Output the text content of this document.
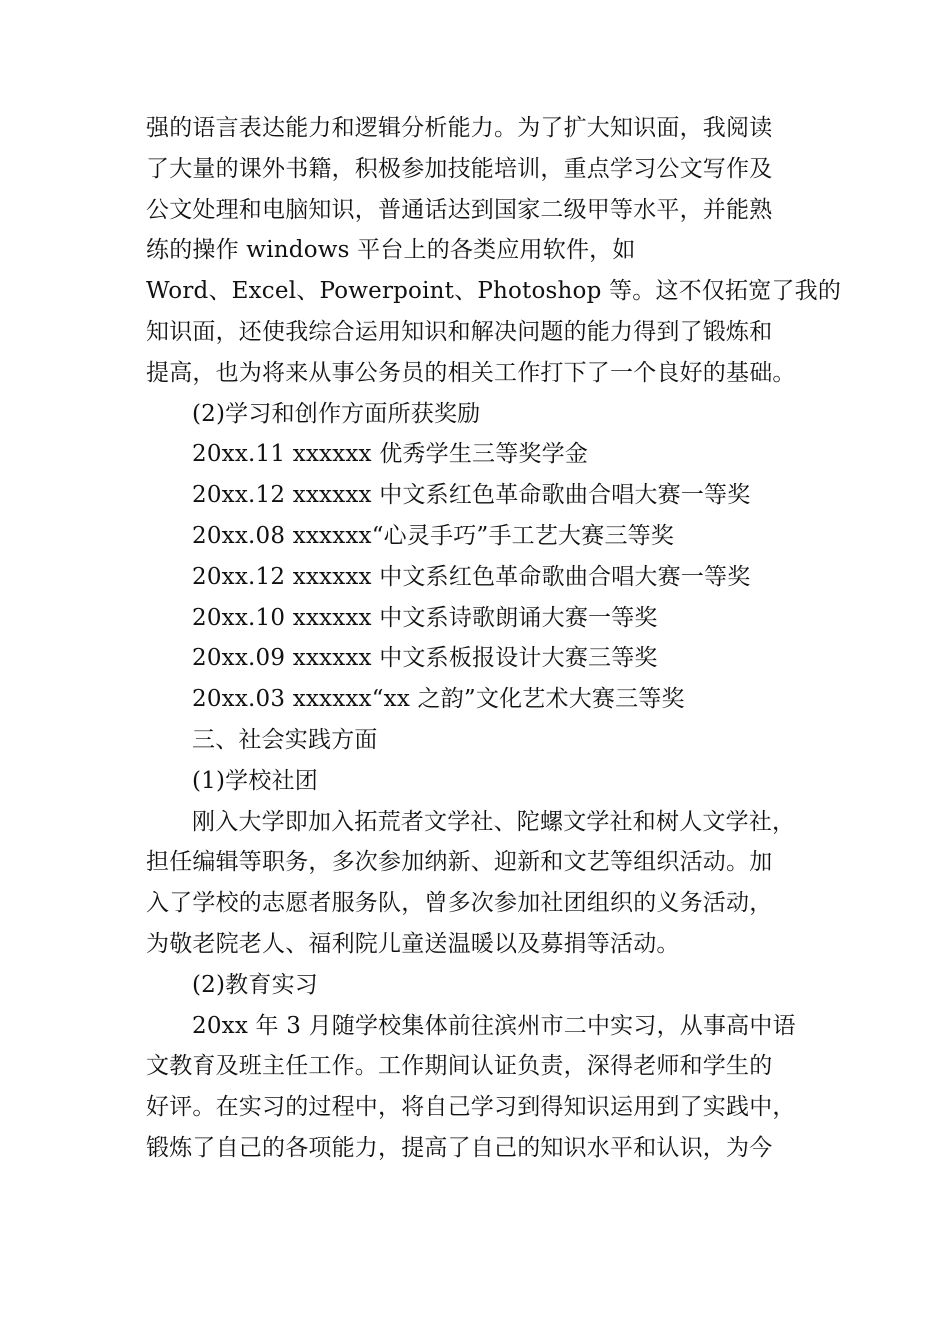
强的语言表达能力和逻辑分析能力。为了扩大知识面，我阅读
了大量的课外书籍，积极参加技能培训，重点学习公文写作及
公文处理和电脑知识，普通话达到国家二级甲等水平，并能熟
练的操作 windows 平台上的各类应用软件，如
Word、Excel、Powerpoint、Photoshop 等。这不仅拓宽了我的
知识面，还使我综合运用知识和解决问题的能力得到了锻炼和
提高，也为将来从事公务员的相关工作打下了一个良好的基础。
(2)学习和创作方面所获奖励
20xx.11 xxxxxx 优秀学生三等奖学金
20xx.12 xxxxxx 中文系红色革命歌曲合唱大赛一等奖
20xx.08 xxxxxx“心灵手巧”手工艺大赛三等奖
20xx.12 xxxxxx 中文系红色革命歌曲合唱大赛一等奖
20xx.10 xxxxxx 中文系诗歌朗诵大赛一等奖
20xx.09 xxxxxx 中文系板报设计大赛三等奖
20xx.03 xxxxxx“xx 之韵”文化艺术大赛三等奖
三、社会实践方面
(1)学校社团
刚入大学即加入拓荒者文学社、陀螺文学社和树人文学社，
担任编辑等职务，多次参加纳新、迎新和文艺等组织活动。加
入了学校的志愿者服务队，曾多次参加社团组织的义务活动，
为敬老院老人、福利院儿童送温暖以及募捐等活动。
(2)教育实习
20xx 年 3 月随学校集体前往滨州市二中实习，从事高中语
文教育及班主任工作。工作期间认证负责，深得老师和学生的
好评。在实习的过程中，将自己学习到得知识运用到了实践中，
锻炼了自己的各项能力，提高了自己的知识水平和认识，为今
